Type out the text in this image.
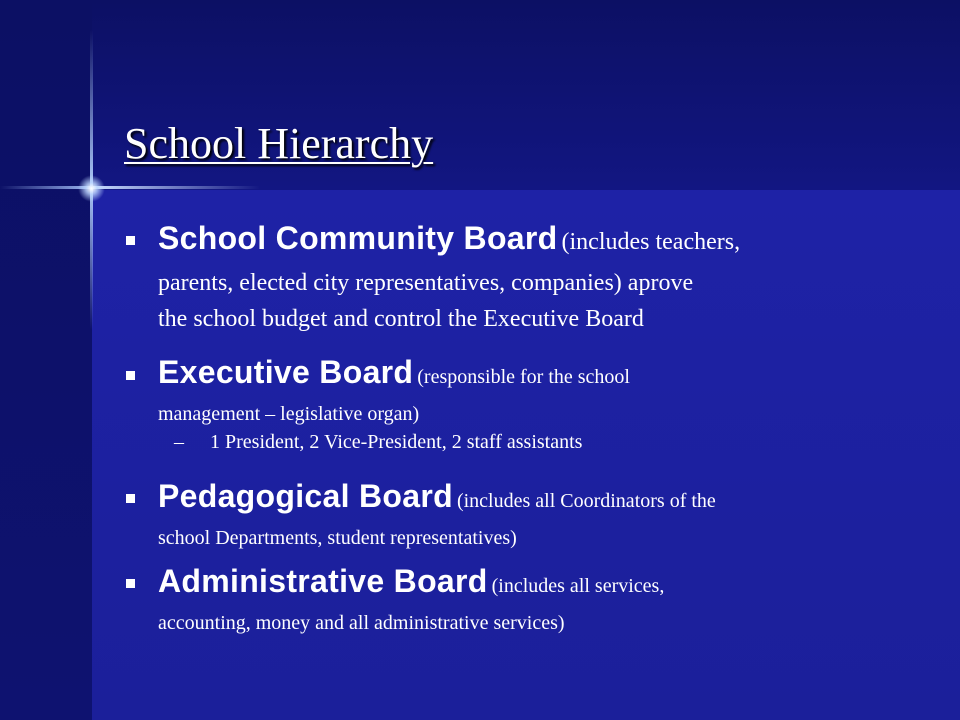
School Hierarchy
School Community Board (includes teachers,
parents, elected city representatives, companies) aprove
the school budget and control the Executive Board
Executive Board (responsible for the school
management – legislative organ)
– 1 President, 2 Vice-President, 2 staff assistants
Pedagogical Board (includes all Coordinators of the
school Departments, student representatives)
Administrative Board (includes all services,
accounting, money and all administrative services)
